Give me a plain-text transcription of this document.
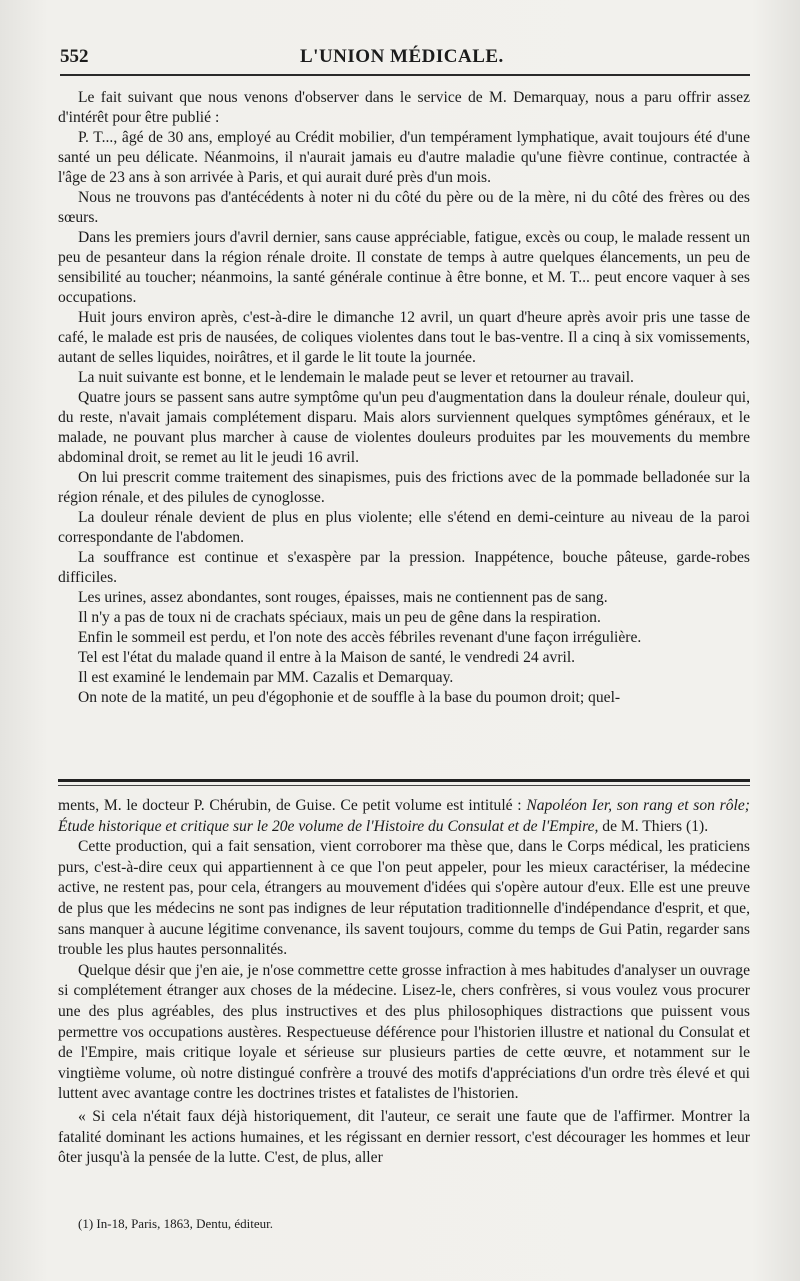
552	L'UNION MÉDICALE.

Le fait suivant que nous venons d'observer dans le service de M. Demarquay, nous a paru offrir assez d'intérêt pour être publié :

P. T..., âgé de 30 ans, employé au Crédit mobilier, d'un tempérament lymphatique, avait toujours été d'une santé un peu délicate. Néanmoins, il n'aurait jamais eu d'autre maladie qu'une fièvre continue, contractée à l'âge de 23 ans à son arrivée à Paris, et qui aurait duré près d'un mois.

Nous ne trouvons pas d'antécédents à noter ni du côté du père ou de la mère, ni du côté des frères ou des sœurs.

Dans les premiers jours d'avril dernier, sans cause appréciable, fatigue, excès ou coup, le malade ressent un peu de pesanteur dans la région rénale droite. Il constate de temps à autre quelques élancements, un peu de sensibilité au toucher; néanmoins, la santé générale continue à être bonne, et M. T... peut encore vaquer à ses occupations.

Huit jours environ après, c'est-à-dire le dimanche 12 avril, un quart d'heure après avoir pris une tasse de café, le malade est pris de nausées, de coliques violentes dans tout le bas-ventre. Il a cinq à six vomissements, autant de selles liquides, noirâtres, et il garde le lit toute la journée.

La nuit suivante est bonne, et le lendemain le malade peut se lever et retourner au travail.

Quatre jours se passent sans autre symptôme qu'un peu d'augmentation dans la douleur rénale, douleur qui, du reste, n'avait jamais complétement disparu. Mais alors surviennent quelques symptômes généraux, et le malade, ne pouvant plus marcher à cause de violentes douleurs produites par les mouvements du membre abdominal droit, se remet au lit le jeudi 16 avril.

On lui prescrit comme traitement des sinapismes, puis des frictions avec de la pommade belladonée sur la région rénale, et des pilules de cynoglosse.

La douleur rénale devient de plus en plus violente; elle s'étend en demi-ceinture au niveau de la paroi correspondante de l'abdomen.

La souffrance est continue et s'exaspère par la pression. Inappétence, bouche pâteuse, garde-robes difficiles.

Les urines, assez abondantes, sont rouges, épaisses, mais ne contiennent pas de sang.

Il n'y a pas de toux ni de crachats spéciaux, mais un peu de gêne dans la respiration.

Enfin le sommeil est perdu, et l'on note des accès fébriles revenant d'une façon irrégulière.

Tel est l'état du malade quand il entre à la Maison de santé, le vendredi 24 avril.

Il est examiné le lendemain par MM. Cazalis et Demarquay.

On note de la matité, un peu d'égophonie et de souffle à la base du poumon droit; quel-

ments, M. le docteur P. Chérubin, de Guise. Ce petit volume est intitulé : Napoléon Ier, son rang et son rôle; Étude historique et critique sur le 20e volume de l'Histoire du Consulat et de l'Empire, de M. Thiers (1).

Cette production, qui a fait sensation, vient corroborer ma thèse que, dans le Corps médical, les praticiens purs, c'est-à-dire ceux qui appartiennent à ce que l'on peut appeler, pour les mieux caractériser, la médecine active, ne restent pas, pour cela, étrangers au mouvement d'idées qui s'opère autour d'eux. Elle est une preuve de plus que les médecins ne sont pas indignes de leur réputation traditionnelle d'indépendance d'esprit, et que, sans manquer à aucune légitime convenance, ils savent toujours, comme du temps de Gui Patin, regarder sans trouble les plus hautes personnalités.

Quelque désir que j'en aie, je n'ose commettre cette grosse infraction à mes habitudes d'analyser un ouvrage si complétement étranger aux choses de la médecine. Lisez-le, chers confrères, si vous voulez vous procurer une des plus agréables, des plus instructives et des plus philosophiques distractions que puissent vous permettre vos occupations austères. Respectueuse déférence pour l'historien illustre et national du Consulat et de l'Empire, mais critique loyale et sérieuse sur plusieurs parties de cette œuvre, et notamment sur le vingtième volume, où notre distingué confrère a trouvé des motifs d'appréciations d'un ordre très élevé et qui luttent avec avantage contre les doctrines tristes et fatalistes de l'historien.

« Si cela n'était faux déjà historiquement, dit l'auteur, ce serait une faute que de l'affirmer. Montrer la fatalité dominant les actions humaines, et les régissant en dernier ressort, c'est décourager les hommes et leur ôter jusqu'à la pensée de la lutte. C'est, de plus, aller

(1) In-18, Paris, 1863, Dentu, éditeur.
